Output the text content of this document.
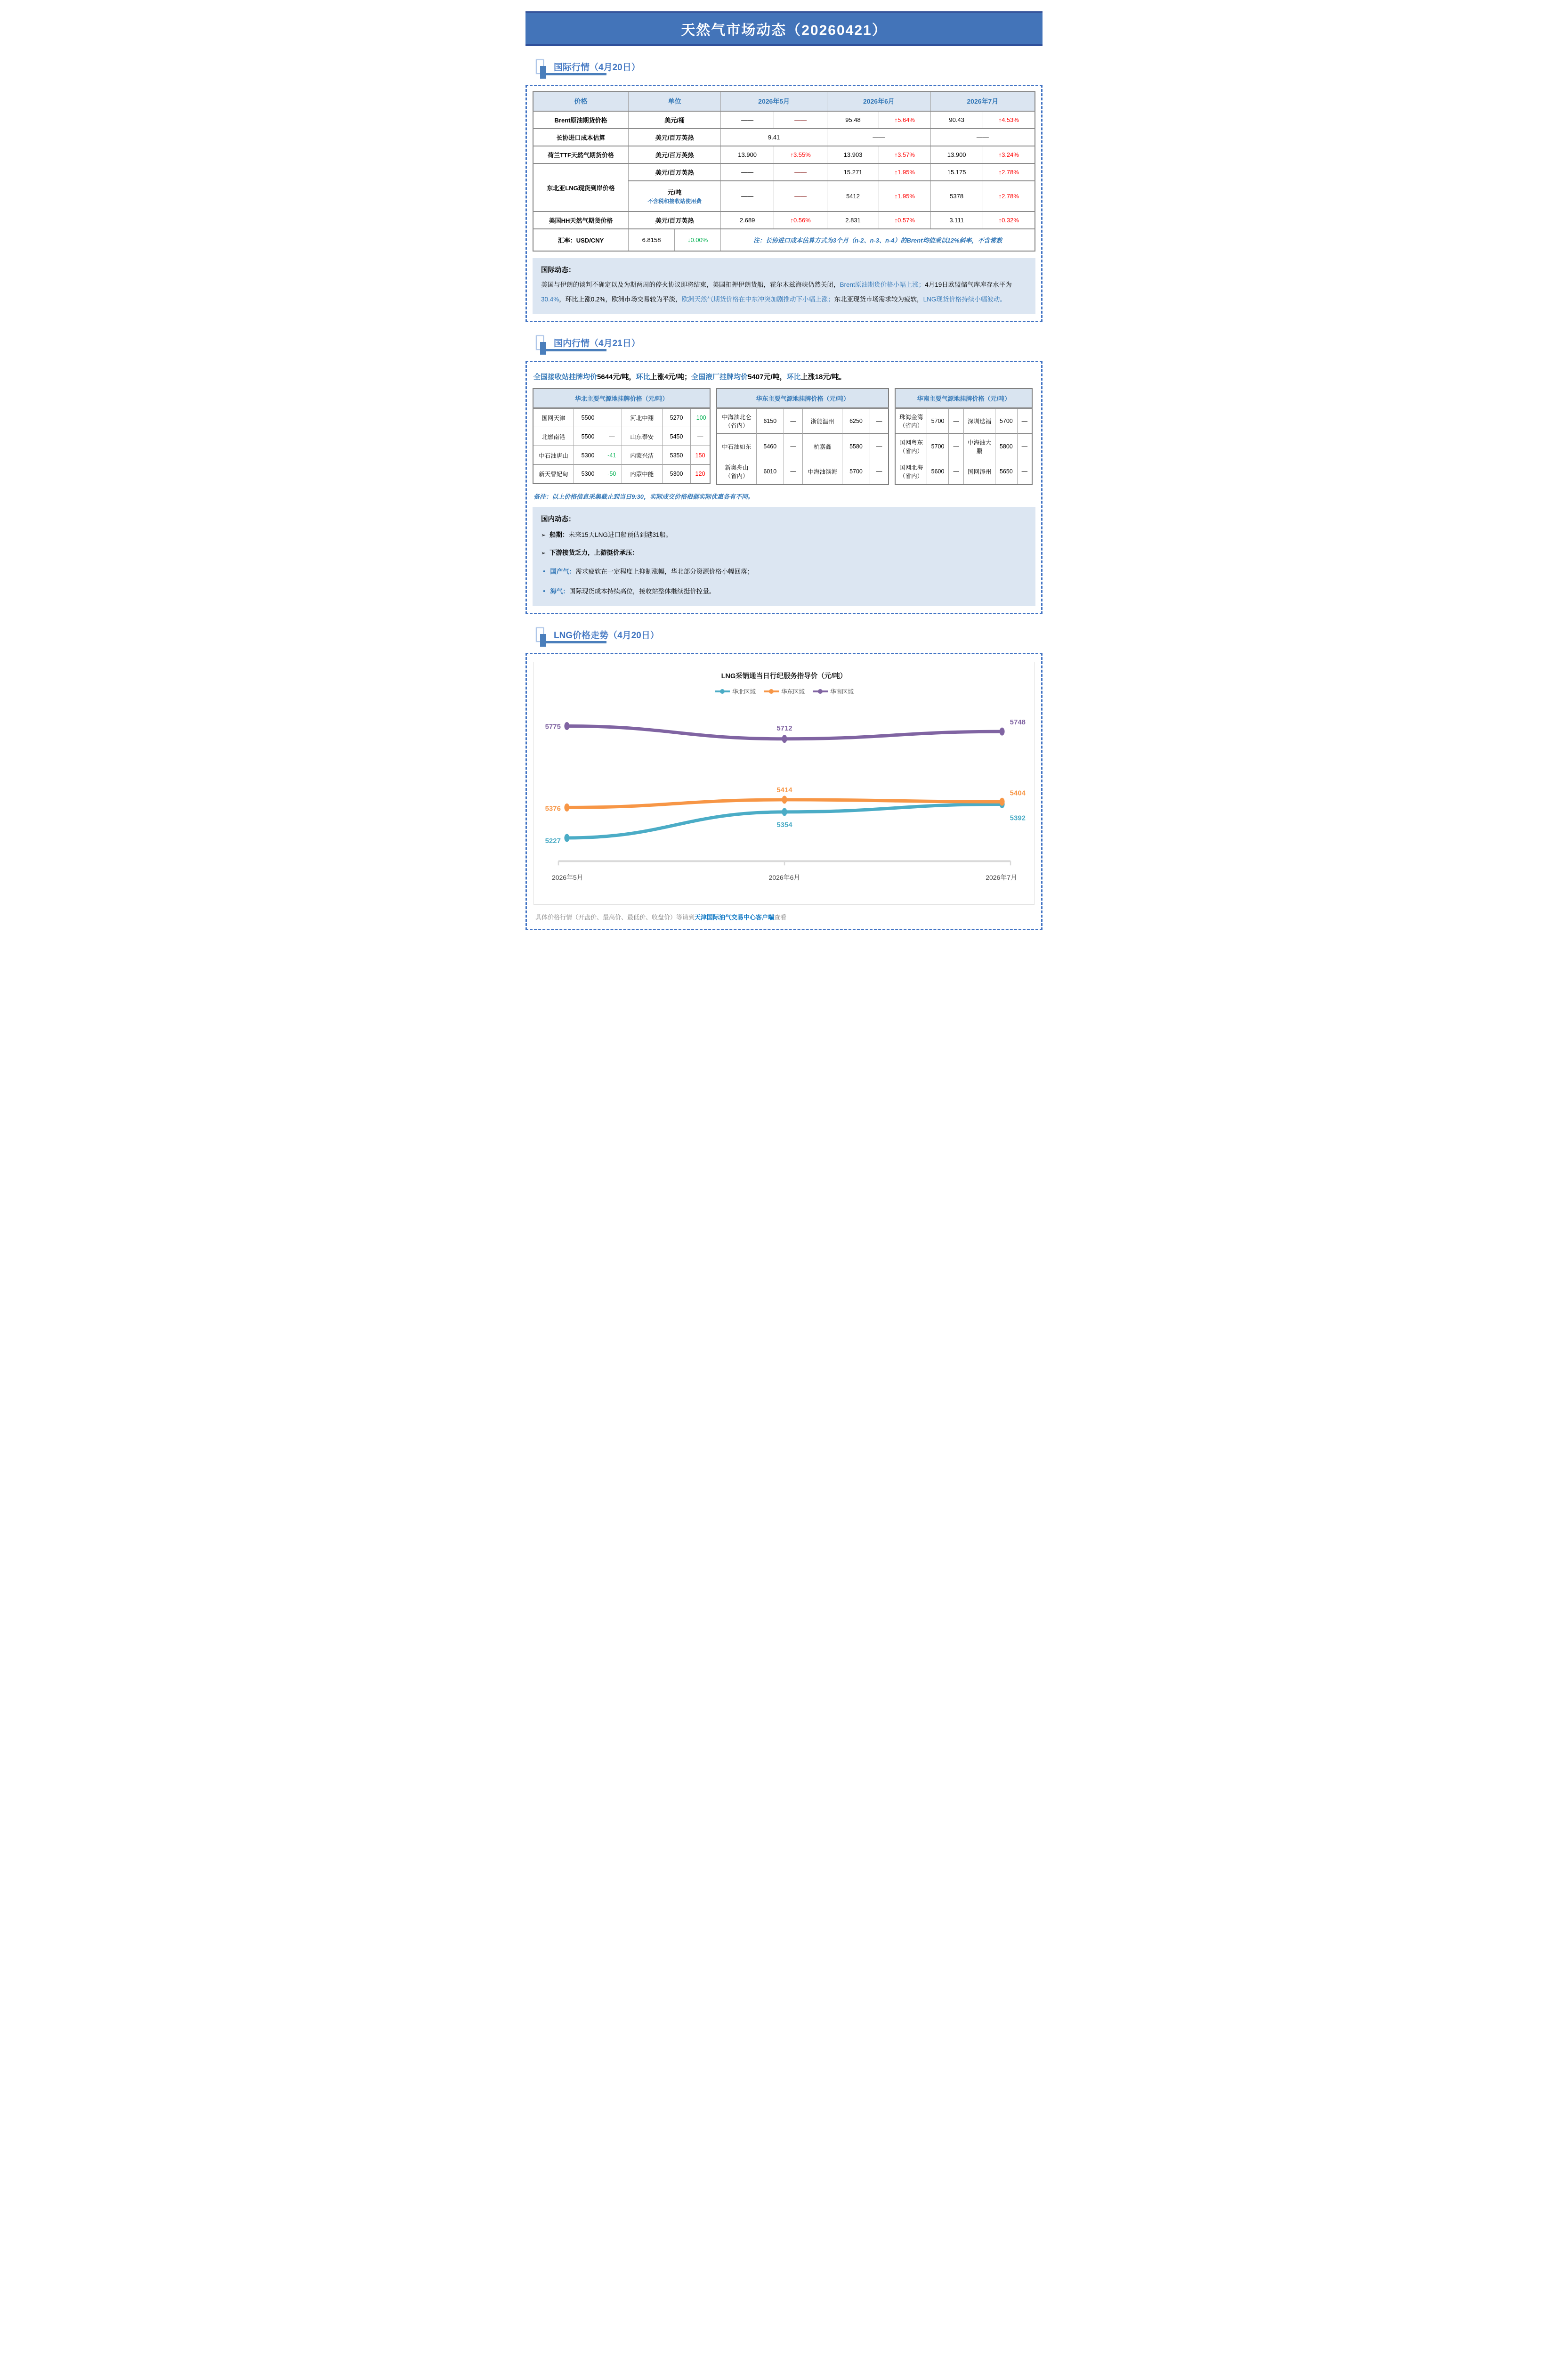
天然气市场动态（20260421）
国际行情（4月20日）
价格	单位		2026年5月		2026年6月		2026年7月	
Brent原油期货价格	美元/桶		——	——	95.48	↑5.64%	90.43	↑4.53%
长协进口成本估算	美元/百万英热		9.41		——		——	
荷兰TTF天然气期货价格	美元/百万英热		13.900	↑3.55%	13.903	↑3.57%	13.900	↑3.24%
东北亚LNG现货到岸价格	美元/百万英热		——	——	15.271	↑1.95%	15.175	↑2.78%
	元/吨
不含税和接收站使用费		——	——	5412	↑1.95%	5378	↑2.78%
美国HH天然气期货价格	美元/百万英热		2.689	↑0.56%	2.831	↑0.57%	3.111	↑0.32%
汇率：USD/CNY	6.8158	↓0.00%	注：长协进口成本估算方式为3个月（n-2、n-3、n-4）的Brent均值乘以12%斜率，不含常数					
国际动态：
美国与伊朗的谈判不确定以及为期两周的停火协议即将结束，美国扣押伊朗货船，霍尔木兹海峡仍然关闭，Brent原油期货价格小幅上涨；4月19日欧盟储气库库存水平为30.4%，环比上涨0.2%，欧洲市场交易较为平淡，欧洲天然气期货价格在中东冲突加剧推动下小幅上涨；东北亚现货市场需求较为疲软，LNG现货价格持续小幅波动。
国内行情（4月21日）
全国接收站挂牌均价5644元/吨，环比上涨4元/吨；全国液厂挂牌均价5407元/吨，环比上涨18元/吨。
华北主要气源地挂牌价格（元/吨）					
国网天津	5500	—	河北中翔	5270	-100
北燃南港	5500	—	山东泰安	5450	—
中石油唐山	5300	-41	内蒙兴洁	5350	150
新天曹妃甸	5300	-50	内蒙中能	5300	120
华东主要气源地挂牌价格（元/吨）					
中海油北仑
（省内）	6150	—	浙能温州	6250	—
中石油如东	5460	—	杭嘉鑫	5580	—
新奥舟山
（省内）	6010	—	中海油滨海	5700	—
华南主要气源地挂牌价格（元/吨）					
珠海金湾
（省内）	5700	—	深圳迭福	5700	—
国网粤东
（省内）	5700	—	中海油大鹏	5800	—
国网北海
（省内）	5600	—	国网漳州	5650	—
备注：以上价格信息采集截止到当日9:30，实际成交价格根据实际优惠各有不同。
国内动态：
➢ 船期：未来15天LNG进口船预估到港31船。
➢ 下游接货乏力，上游挺价承压：
• 国产气：需求疲软在一定程度上抑制涨幅，华北部分资源价格小幅回落；
• 海气：国际现货成本持续高位，接收站整体继续挺价控量。
LNG价格走势（4月20日）
LNG采销通当日行纪服务指导价（元/吨）
华北区域	华东区域	华南区域
5227
5354
5392
5376
5414	5404
5775	5712
5748
2026年5月	2026年6月	2026年7月
具体价格行情（开盘价、最高价、最低价、收盘价）等请到天津国际油气交易中心客户端查看
